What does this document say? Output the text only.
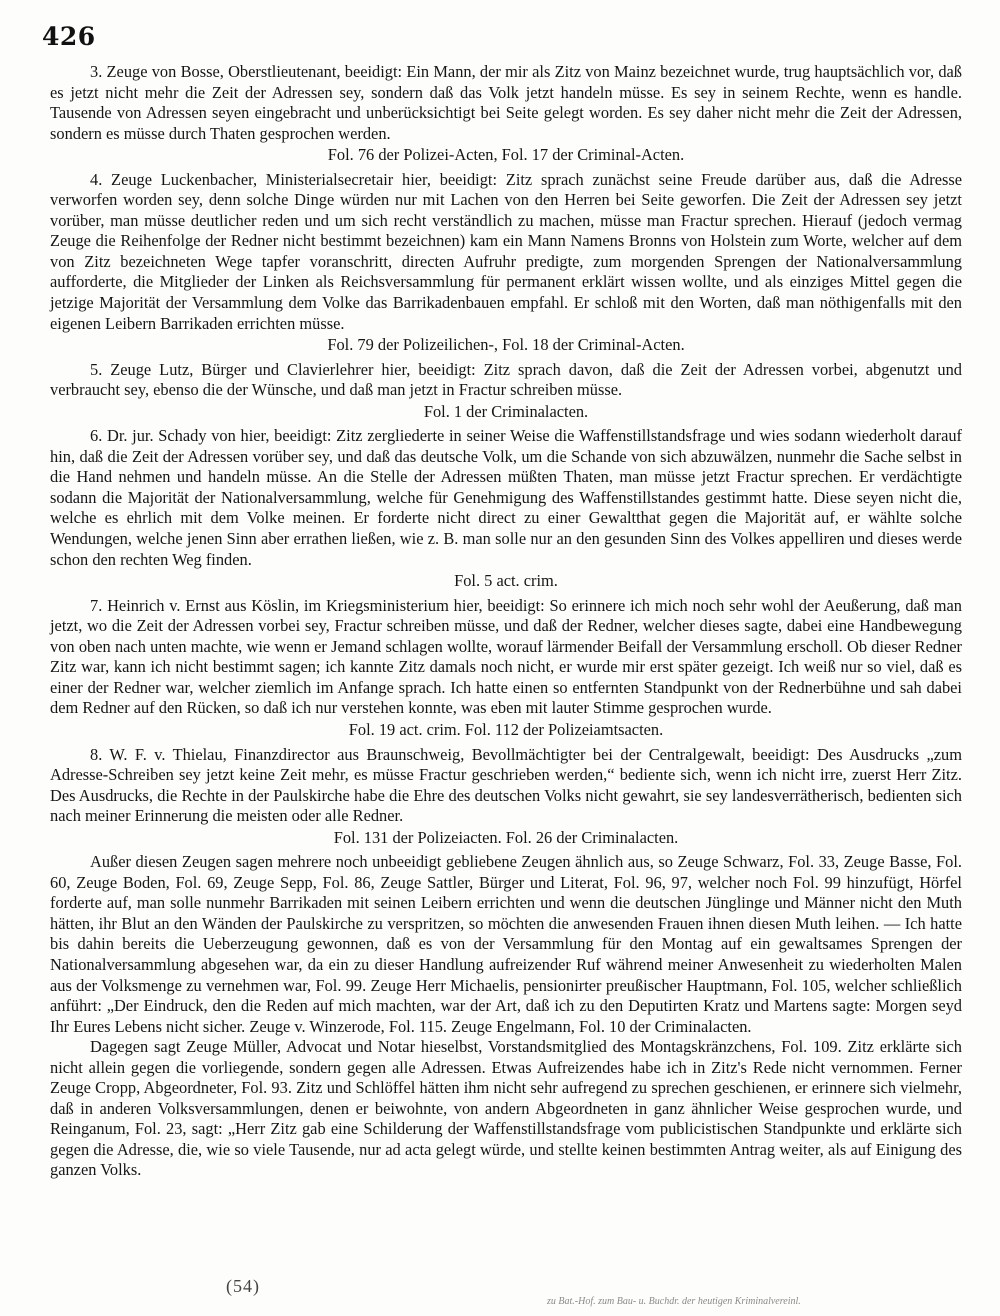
426

3. Zeuge von Bosse, Oberstlieutenant, beeidigt: Ein Mann, der mir als Zitz von Mainz bezeichnet wurde, trug hauptsächlich vor, daß es jetzt nicht mehr die Zeit der Adressen sey, sondern daß das Volk jetzt handeln müsse. Es sey in seinem Rechte, wenn es handle. Tausende von Adressen seyen eingebracht und unberücksichtigt bei Seite gelegt worden. Es sey daher nicht mehr die Zeit der Adressen, sondern es müsse durch Thaten gesprochen werden.

Fol. 76 der Polizei-Acten, Fol. 17 der Criminal-Acten.

4. Zeuge Luckenbacher, Ministerialsecretair hier, beeidigt: Zitz sprach zunächst seine Freude darüber aus, daß die Adresse verworfen worden sey, denn solche Dinge würden nur mit Lachen von den Herren bei Seite geworfen. Die Zeit der Adressen sey jetzt vorüber, man müsse deutlicher reden und um sich recht verständlich zu machen, müsse man Fractur sprechen. Hierauf (jedoch vermag Zeuge die Reihenfolge der Redner nicht bestimmt bezeichnen) kam ein Mann Namens Bronns von Holstein zum Worte, welcher auf dem von Zitz bezeichneten Wege tapfer voranschritt, directen Aufruhr predigte, zum morgenden Sprengen der Nationalversammlung aufforderte, die Mitglieder der Linken als Reichsversammlung für permanent erklärt wissen wollte, und als einziges Mittel gegen die jetzige Majorität der Versammlung dem Volke das Barrikadenbauen empfahl. Er schloß mit den Worten, daß man nöthigenfalls mit den eigenen Leibern Barrikaden errichten müsse.

Fol. 79 der Polizeilichen-, Fol. 18 der Criminal-Acten.

5. Zeuge Lutz, Bürger und Clavierlehrer hier, beeidigt: Zitz sprach davon, daß die Zeit der Adressen vorbei, abgenutzt und verbraucht sey, ebenso die der Wünsche, und daß man jetzt in Fractur schreiben müsse.

Fol. 1 der Criminalacten.

6. Dr. jur. Schady von hier, beeidigt: Zitz zergliederte in seiner Weise die Waffenstillstandsfrage und wies sodann wiederholt darauf hin, daß die Zeit der Adressen vorüber sey, und daß das deutsche Volk, um die Schande von sich abzuwälzen, nunmehr die Sache selbst in die Hand nehmen und handeln müsse. An die Stelle der Adressen müßten Thaten, man müsse jetzt Fractur sprechen. Er verdächtigte sodann die Majorität der Nationalversammlung, welche für Genehmigung des Waffenstillstandes gestimmt hatte. Diese seyen nicht die, welche es ehrlich mit dem Volke meinen. Er forderte nicht direct zu einer Gewaltthat gegen die Majorität auf, er wählte solche Wendungen, welche jenen Sinn aber errathen ließen, wie z. B. man solle nur an den gesunden Sinn des Volkes appelliren und dieses werde schon den rechten Weg finden.

Fol. 5 act. crim.

7. Heinrich v. Ernst aus Köslin, im Kriegsministerium hier, beeidigt: So erinnere ich mich noch sehr wohl der Aeußerung, daß man jetzt, wo die Zeit der Adressen vorbei sey, Fractur schreiben müsse, und daß der Redner, welcher dieses sagte, dabei eine Handbewegung von oben nach unten machte, wie wenn er Jemand schlagen wollte, worauf lärmender Beifall der Versammlung erscholl. Ob dieser Redner Zitz war, kann ich nicht bestimmt sagen; ich kannte Zitz damals noch nicht, er wurde mir erst später gezeigt. Ich weiß nur so viel, daß es einer der Redner war, welcher ziemlich im Anfange sprach. Ich hatte einen so entfernten Standpunkt von der Rednerbühne und sah dabei dem Redner auf den Rücken, so daß ich nur verstehen konnte, was eben mit lauter Stimme gesprochen wurde.

Fol. 19 act. crim. Fol. 112 der Polizeiamtsacten.

8. W. F. v. Thielau, Finanzdirector aus Braunschweig, Bevollmächtigter bei der Centralgewalt, beeidigt: Des Ausdrucks „zum Adresse-Schreiben sey jetzt keine Zeit mehr, es müsse Fractur geschrieben werden,“ bediente sich, wenn ich nicht irre, zuerst Herr Zitz. Des Ausdrucks, die Rechte in der Paulskirche habe die Ehre des deutschen Volks nicht gewahrt, sie sey landesverrätherisch, bedienten sich nach meiner Erinnerung die meisten oder alle Redner.

Fol. 131 der Polizeiacten. Fol. 26 der Criminalacten.

Außer diesen Zeugen sagen mehrere noch unbeeidigt gebliebene Zeugen ähnlich aus, so Zeuge Schwarz, Fol. 33, Zeuge Basse, Fol. 60, Zeuge Boden, Fol. 69, Zeuge Sepp, Fol. 86, Zeuge Sattler, Bürger und Literat, Fol. 96, 97, welcher noch Fol. 99 hinzufügt, Hörfel forderte auf, man solle nunmehr Barrikaden mit seinen Leibern errichten und wenn die deutschen Jünglinge und Männer nicht den Muth hätten, ihr Blut an den Wänden der Paulskirche zu verspritzen, so möchten die anwesenden Frauen ihnen diesen Muth leihen. — Ich hatte bis dahin bereits die Ueberzeugung gewonnen, daß es von der Versammlung für den Montag auf ein gewaltsames Sprengen der Nationalversammlung abgesehen war, da ein zu dieser Handlung aufreizender Ruf während meiner Anwesenheit zu wiederholten Malen aus der Volksmenge zu vernehmen war, Fol. 99. Zeuge Herr Michaelis, pensionirter preußischer Hauptmann, Fol. 105, welcher schließlich anführt: „Der Eindruck, den die Reden auf mich machten, war der Art, daß ich zu den Deputirten Kratz und Martens sagte: Morgen seyd Ihr Eures Lebens nicht sicher. Zeuge v. Winzerode, Fol. 115. Zeuge Engelmann, Fol. 10 der Criminalacten.

Dagegen sagt Zeuge Müller, Advocat und Notar hieselbst, Vorstandsmitglied des Montagskränzchens, Fol. 109. Zitz erklärte sich nicht allein gegen die vorliegende, sondern gegen alle Adressen. Etwas Aufreizendes habe ich in Zitz's Rede nicht vernommen. Ferner Zeuge Cropp, Abgeordneter, Fol. 93. Zitz und Schlöffel hätten ihm nicht sehr aufregend zu sprechen geschienen, er erinnere sich vielmehr, daß in anderen Volksversammlungen, denen er beiwohnte, von andern Abgeordneten in ganz ähnlicher Weise gesprochen wurde, und Reinganum, Fol. 23, sagt: „Herr Zitz gab eine Schilderung der Waffenstillstandsfrage vom publicistischen Standpunkte und erklärte sich gegen die Adresse, die, wie so viele Tausende, nur ad acta gelegt würde, und stellte keinen bestimmten Antrag weiter, als auf Einigung des ganzen Volks.

(54)
zu Bat.-Hof. zum Bau- u. Buchdr. der heutigen Kriminalvereinl.
